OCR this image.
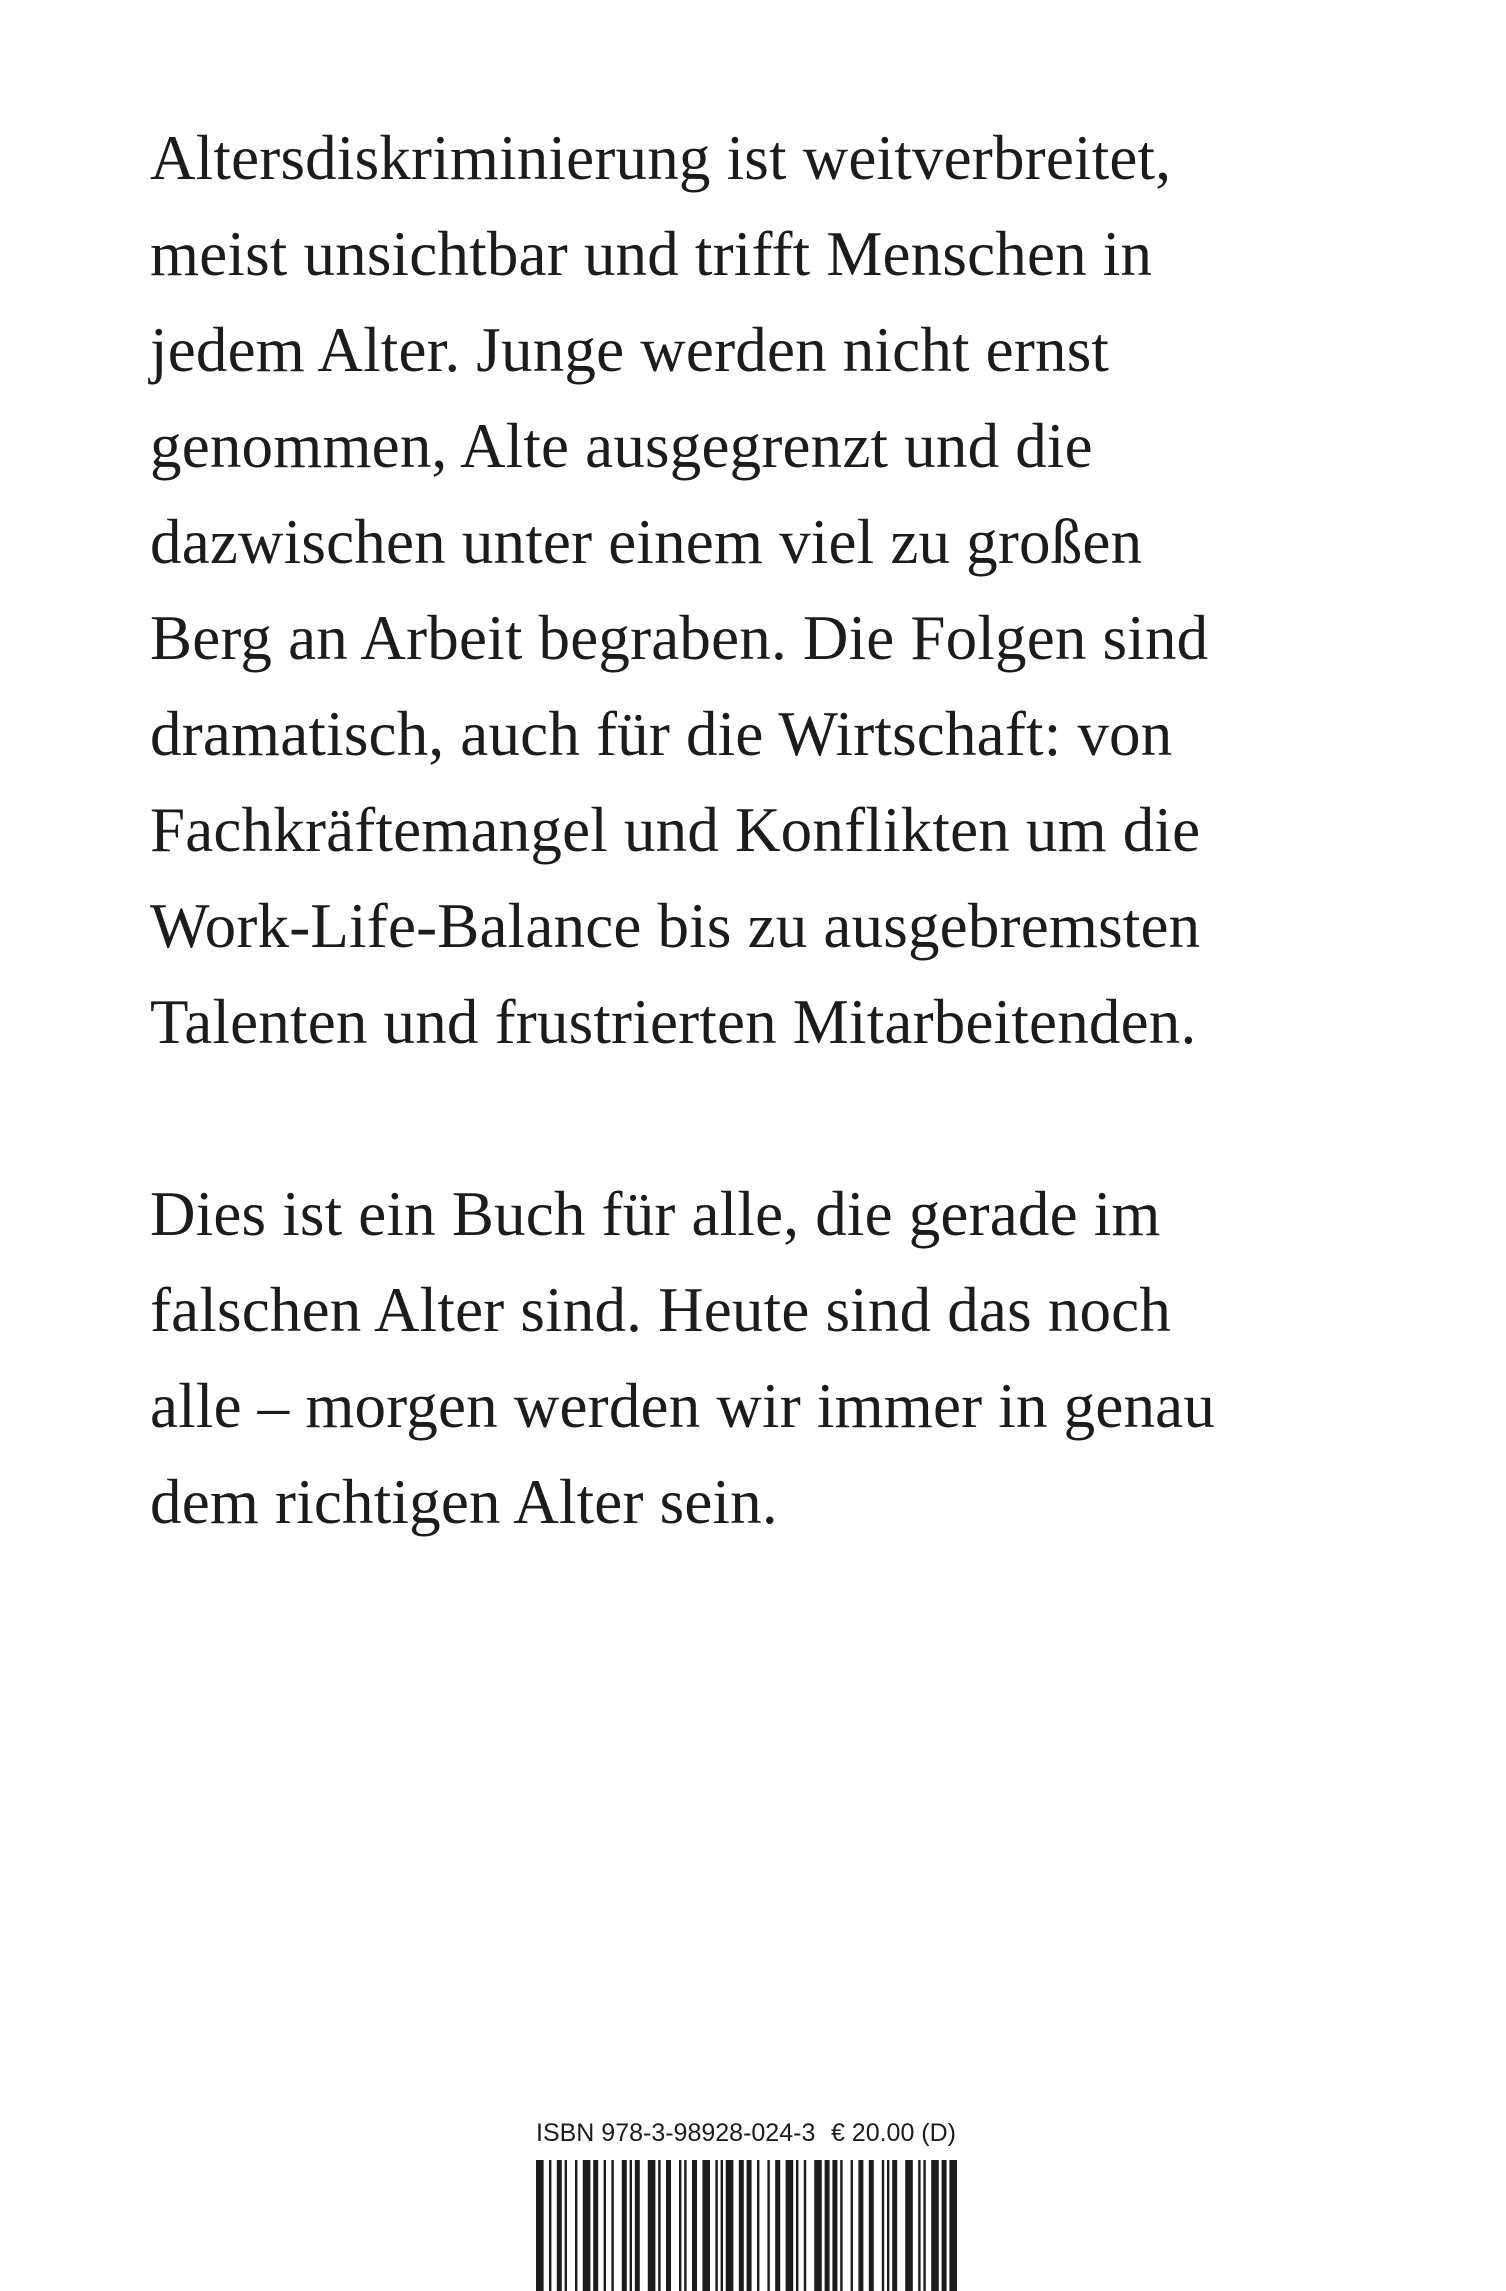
Altersdiskriminierung ist weitverbreitet,
meist unsichtbar und trifft Menschen in
jedem Alter. Junge werden nicht ernst
genommen, Alte ausgegrenzt und die
dazwischen unter einem viel zu großen
Berg an Arbeit begraben. Die Folgen sind
dramatisch, auch für die Wirtschaft: von
Fachkräftemangel und Konflikten um die
Work-Life-Balance bis zu ausgebremsten
Talenten und frustrierten Mitarbeitenden.

Dies ist ein Buch für alle, die gerade im
falschen Alter sind. Heute sind das noch
alle – morgen werden wir immer in genau
dem richtigen Alter sein.

ISBN 978-3-98928-024-3 € 20.00 (D)
